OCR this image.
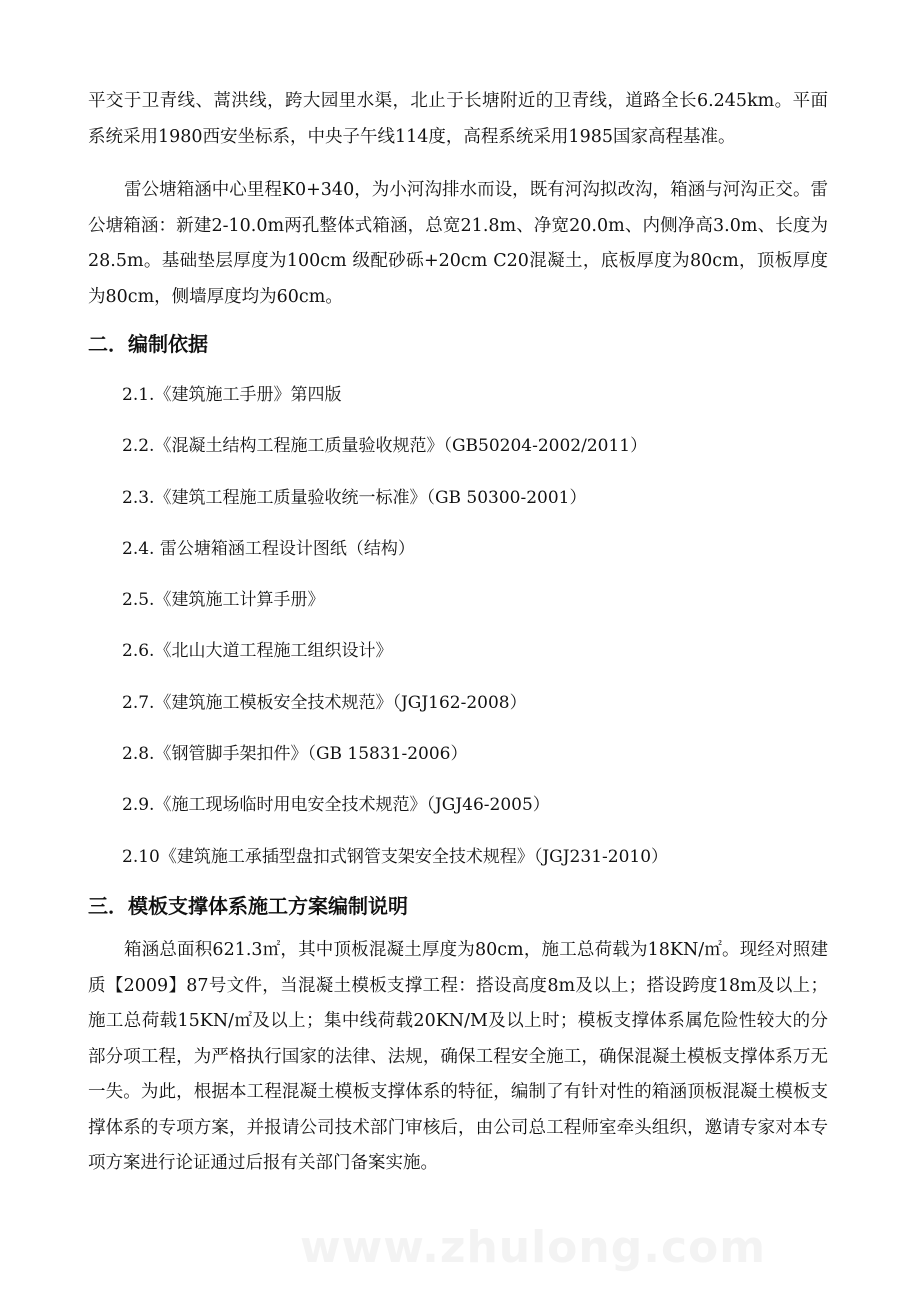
平交于卫青线、蒿洪线，跨大园里水渠，北止于长塘附近的卫青线，道路全长6.245km。平面系统采用1980西安坐标系，中央子午线114度，高程系统采用1985国家高程基准。

雷公塘箱涵中心里程K0+340，为小河沟排水而设，既有河沟拟改沟，箱涵与河沟正交。雷公塘箱涵：新建2-10.0m两孔整体式箱涵，总宽21.8m、净宽20.0m、内侧净高3.0m、长度为28.5m。基础垫层厚度为100cm 级配砂砾+20cm C20混凝土，底板厚度为80cm，顶板厚度为80cm，侧墙厚度均为60cm。

二．编制依据
2.1.《建筑施工手册》第四版
2.2.《混凝土结构工程施工质量验收规范》（GB50204-2002/2011）
2.3.《建筑工程施工质量验收统一标准》（GB 50300-2001）
2.4. 雷公塘箱涵工程设计图纸（结构）
2.5.《建筑施工计算手册》
2.6.《北山大道工程施工组织设计》
2.7.《建筑施工模板安全技术规范》（JGJ162-2008）
2.8.《钢管脚手架扣件》（GB 15831-2006）
2.9.《施工现场临时用电安全技术规范》（JGJ46-2005）
2.10《建筑施工承插型盘扣式钢管支架安全技术规程》（JGJ231-2010）
三．模板支撑体系施工方案编制说明

箱涵总面积621.3㎡，其中顶板混凝土厚度为80cm，施工总荷载为18KN/㎡。现经对照建质【2009】87号文件，当混凝土模板支撑工程：搭设高度8m及以上；搭设跨度18m及以上；施工总荷载15KN/㎡及以上；集中线荷载20KN/M及以上时；模板支撑体系属危险性较大的分部分项工程，为严格执行国家的法律、法规，确保工程安全施工，确保混凝土模板支撑体系万无一失。为此，根据本工程混凝土模板支撑体系的特征，编制了有针对性的箱涵顶板混凝土模板支撑体系的专项方案，并报请公司技术部门审核后，由公司总工程师室牵头组织，邀请专家对本专项方案进行论证通过后报有关部门备案实施。

www.zhulong.com
